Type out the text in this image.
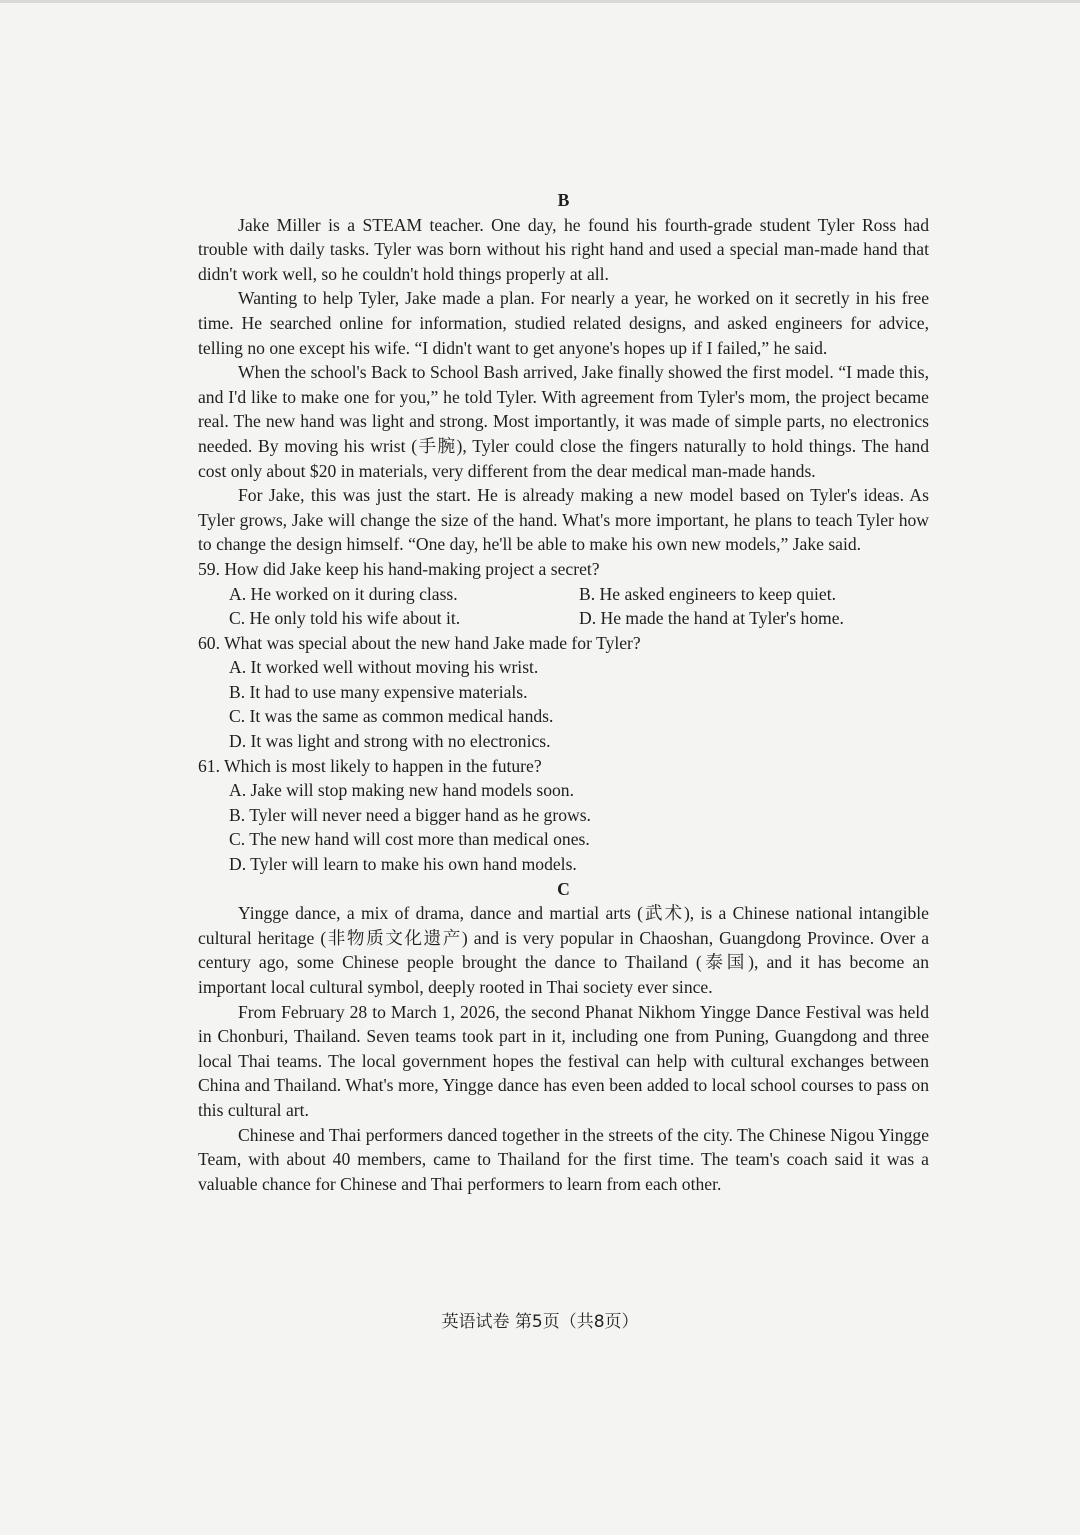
B

Jake Miller is a STEAM teacher. One day, he found his fourth-grade student Tyler Ross had trouble with daily tasks. Tyler was born without his right hand and used a special man-made hand that didn't work well, so he couldn't hold things properly at all.

Wanting to help Tyler, Jake made a plan. For nearly a year, he worked on it secretly in his free time. He searched online for information, studied related designs, and asked engineers for advice, telling no one except his wife. “I didn't want to get anyone's hopes up if I failed,” he said.

When the school's Back to School Bash arrived, Jake finally showed the first model. “I made this, and I'd like to make one for you,” he told Tyler. With agreement from Tyler's mom, the project became real. The new hand was light and strong. Most importantly, it was made of simple parts, no electronics needed. By moving his wrist (手腕), Tyler could close the fingers naturally to hold things. The hand cost only about $20 in materials, very different from the dear medical man-made hands.

For Jake, this was just the start. He is already making a new model based on Tyler's ideas. As Tyler grows, Jake will change the size of the hand. What's more important, he plans to teach Tyler how to change the design himself. “One day, he'll be able to make his own new models,” Jake said.

59. How did Jake keep his hand-making project a secret?

A. He worked on it during class.	B. He asked engineers to keep quiet.
C. He only told his wife about it.	D. He made the hand at Tyler's home.

60. What was special about the new hand Jake made for Tyler?

A. It worked well without moving his wrist.
B. It had to use many expensive materials.
C. It was the same as common medical hands.
D. It was light and strong with no electronics.

61. Which is most likely to happen in the future?

A. Jake will stop making new hand models soon.
B. Tyler will never need a bigger hand as he grows.
C. The new hand will cost more than medical ones.
D. Tyler will learn to make his own hand models.
C

Yingge dance, a mix of drama, dance and martial arts (武术), is a Chinese national intangible cultural heritage (非物质文化遗产) and is very popular in Chaoshan, Guangdong Province. Over a century ago, some Chinese people brought the dance to Thailand (泰国), and it has become an important local cultural symbol, deeply rooted in Thai society ever since.

From February 28 to March 1, 2026, the second Phanat Nikhom Yingge Dance Festival was held in Chonburi, Thailand. Seven teams took part in it, including one from Puning, Guangdong and three local Thai teams. The local government hopes the festival can help with cultural exchanges between China and Thailand. What's more, Yingge dance has even been added to local school courses to pass on this cultural art.

Chinese and Thai performers danced together in the streets of the city. The Chinese Nigou Yingge Team, with about 40 members, came to Thailand for the first time. The team's coach said it was a valuable chance for Chinese and Thai performers to learn from each other.

英语试卷 第5页（共8页）
